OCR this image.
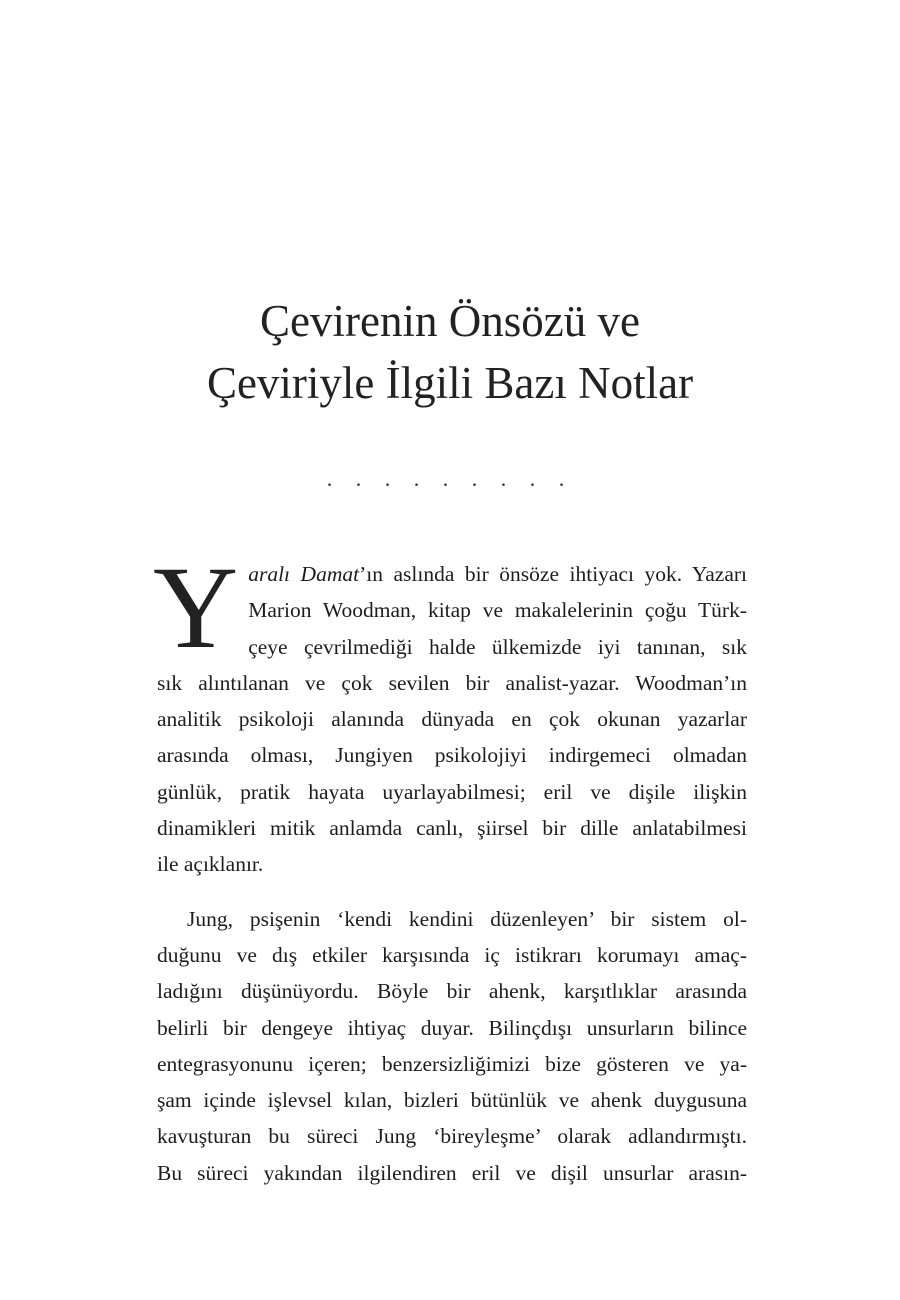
Çevirenin Önsözü ve
Çeviriyle İlgili Bazı Notlar
. . . . . . . . .
Y aralı Damat’ın aslında bir önsöze ihtiyacı yok. Yazarı
Marion Woodman, kitap ve makalelerinin çoğu Türk-
çeye çevrilmediği halde ülkemizde iyi tanınan, sık
sık alıntılanan ve çok sevilen bir analist-yazar. Woodman’ın
analitik psikoloji alanında dünyada en çok okunan yazarlar
arasında olması, Jungiyen psikolojiyi indirgemeci olmadan
günlük, pratik hayata uyarlayabilmesi; eril ve dişile ilişkin
dinamikleri mitik anlamda canlı, şiirsel bir dille anlatabilmesi
ile açıklanır.
Jung, psişenin ‘kendi kendini düzenleyen’ bir sistem ol-
duğunu ve dış etkiler karşısında iç istikrarı korumayı amaç-
ladığını düşünüyordu. Böyle bir ahenk, karşıtlıklar arasında
belirli bir dengeye ihtiyaç duyar. Bilinçdışı unsurların bilince
entegrasyonunu içeren; benzersizliğimizi bize gösteren ve ya-
şam içinde işlevsel kılan, bizleri bütünlük ve ahenk duygusuna
kavuşturan bu süreci Jung ‘bireyleşme’ olarak adlandırmıştı.
Bu süreci yakından ilgilendiren eril ve dişil unsurlar arasın-
